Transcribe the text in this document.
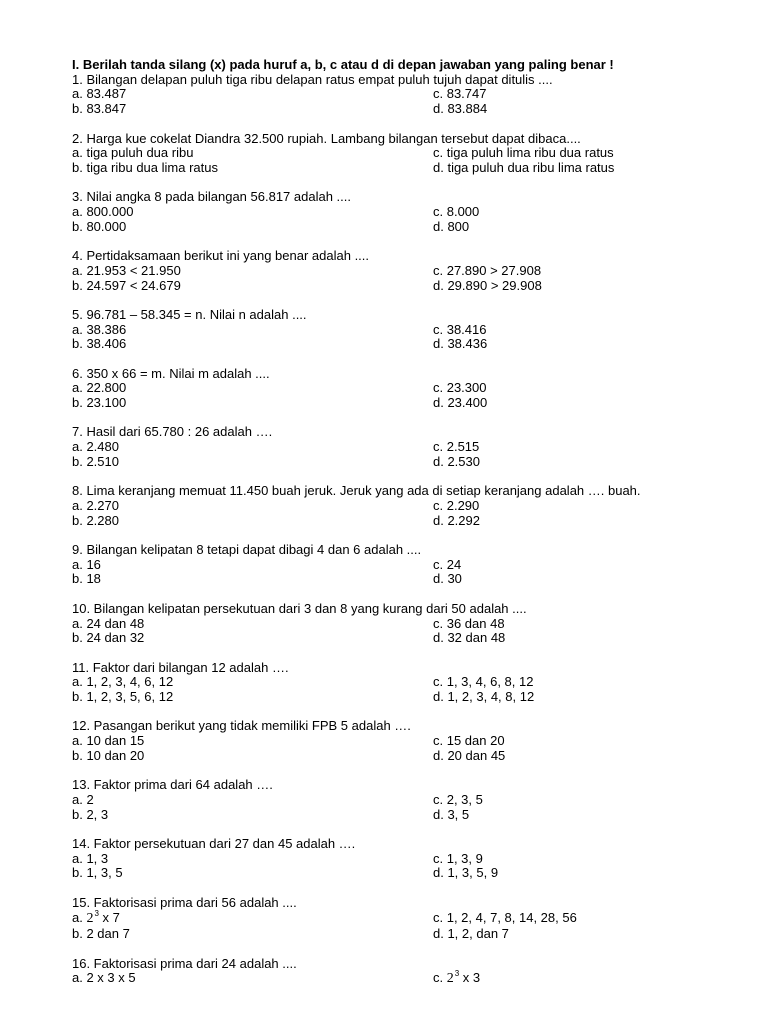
I. Berilah tanda silang (x) pada huruf a, b, c atau d di depan jawaban yang paling benar !
1. Bilangan delapan puluh tiga ribu delapan ratus empat puluh tujuh dapat ditulis ....
a. 83.487	c. 83.747
b. 83.847	d. 83.884
2. Harga kue cokelat Diandra 32.500 rupiah. Lambang bilangan tersebut dapat dibaca....
a. tiga puluh dua ribu	c. tiga puluh lima ribu dua ratus
b. tiga ribu dua lima ratus	d. tiga puluh dua ribu lima ratus
3. Nilai angka 8 pada bilangan 56.817 adalah ....
a. 800.000	c. 8.000
b. 80.000	d. 800
4. Pertidaksamaan berikut ini yang benar adalah ....
a. 21.953 < 21.950	c. 27.890 > 27.908
b. 24.597 < 24.679	d. 29.890 > 29.908
5. 96.781 – 58.345 = n. Nilai n adalah ....
a. 38.386	c. 38.416
b. 38.406	d. 38.436
6. 350 x 66 = m. Nilai m adalah ....
a. 22.800	c. 23.300
b. 23.100	d. 23.400
7. Hasil dari 65.780 : 26 adalah ….
a. 2.480	c. 2.515
b. 2.510	d. 2.530
8. Lima keranjang memuat 11.450 buah jeruk. Jeruk yang ada di setiap keranjang adalah …. buah.
a. 2.270	c. 2.290
b. 2.280	d. 2.292
9. Bilangan kelipatan 8 tetapi dapat dibagi 4 dan 6 adalah ....
a. 16	c. 24
b. 18	d. 30
10. Bilangan kelipatan persekutuan dari 3 dan 8 yang kurang dari 50 adalah ....
a. 24 dan 48	c. 36 dan 48
b. 24 dan 32	d. 32 dan 48
11. Faktor dari bilangan 12 adalah ….
a. 1, 2, 3, 4, 6, 12	c. 1, 3, 4, 6, 8, 12
b. 1, 2, 3, 5, 6, 12	d. 1, 2, 3, 4, 8, 12
12. Pasangan berikut yang tidak memiliki FPB 5 adalah ….
a. 10 dan 15	c. 15 dan 20
b. 10 dan 20	d. 20 dan 45
13. Faktor prima dari 64 adalah ….
a. 2	c. 2, 3, 5
b. 2, 3	d. 3, 5
14. Faktor persekutuan dari 27 dan 45 adalah ….
a. 1, 3	c. 1, 3, 9
b. 1, 3, 5	d. 1, 3, 5, 9
15. Faktorisasi prima dari 56 adalah ....
a. $2^3$ x 7	c. 1, 2, 4, 7, 8, 14, 28, 56
b. 2 dan 7	d. 1, 2, dan 7
16. Faktorisasi prima dari 24 adalah ....
a. 2 x 3 x 5	c. $2^3$ x 3
